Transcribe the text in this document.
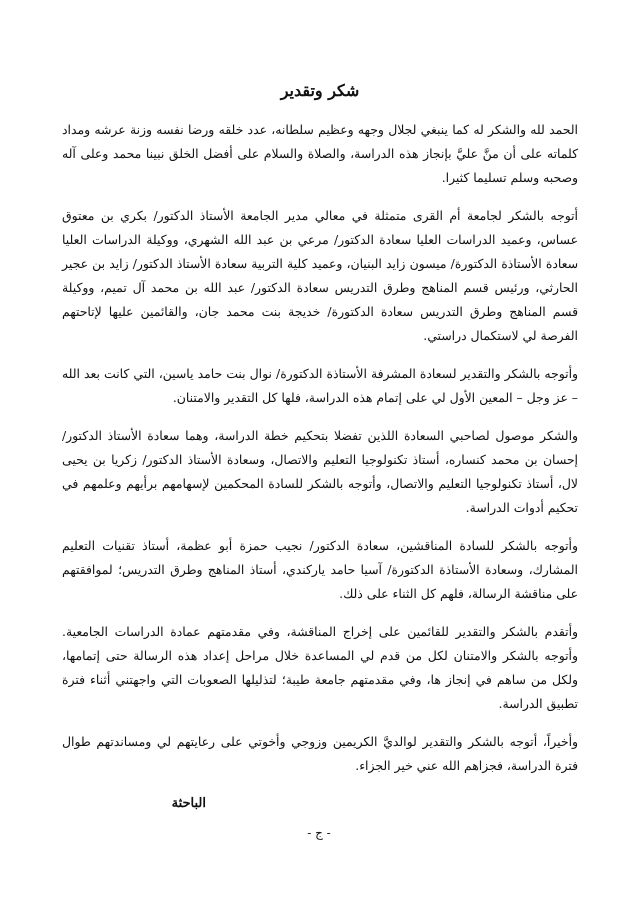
شكر وتقدير
الحمد لله والشكر له كما ينبغي لجلال وجهه وعظيم سلطانه، عدد خلقه ورضا نفسه وزنة عرشه ومداد كلماته على أن منَّ عليَّ بإنجاز هذه الدراسة، والصلاة والسلام على أفضل الخلق نبينا محمد وعلى آله وصحبه وسلم تسليما كثيرا.
أتوجه بالشكر لجامعة أم القرى متمثلة في معالي مدير الجامعة الأستاذ الدكتور/ بكري بن معتوق عساس، وعميد الدراسات العليا سعادة الدكتور/ مرعي بن عبد الله الشهري، ووكيلة الدراسات العليا سعادة الأستاذة الدكتورة/ ميسون زايد البنيان، وعميد كلية التربية سعادة الأستاذ الدكتور/ زايد بن عجير الحارثي، ورئيس قسم المناهج وطرق التدريس سعادة الدكتور/ عبد الله بن محمد آل تميم، ووكيلة قسم المناهج وطرق التدريس سعادة الدكتورة/ خديجة بنت محمد جان، والقائمين عليها لإتاحتهم الفرصة لي لاستكمال دراستي.
وأتوجه بالشكر والتقدير لسعادة المشرفة الأستاذة الدكتورة/ نوال بنت حامد ياسين، التي كانت بعد الله – عز وجل – المعين الأول لي على إتمام هذه الدراسة، فلها كل التقدير والامتنان.
والشكر موصول لصاحبي السعادة اللذين تفضلا بتحكيم خطة الدراسة، وهما سعادة الأستاذ الدكتور/ إحسان بن محمد كنساره، أستاذ تكنولوجيا التعليم والاتصال، وسعادة الأستاذ الدكتور/ زكريا بن يحيى لال، أستاذ تكنولوجيا التعليم والاتصال، وأتوجه بالشكر للسادة المحكمين لإسهامهم برأيهم وعلمهم في تحكيم أدوات الدراسة.
وأتوجه بالشكر للسادة المناقشين، سعادة الدكتور/ نجيب حمزة أبو عظمة، أستاذ تقنيات التعليم المشارك، وسعادة الأستاذة الدكتورة/ آسيا حامد ياركندي، أستاذ المناهج وطرق التدريس؛ لموافقتهم على مناقشة الرسالة، فلهم كل الثناء على ذلك.
وأتقدم بالشكر والتقدير للقائمين على إخراج المناقشة، وفي مقدمتهم عمادة الدراسات الجامعية. وأتوجه بالشكر والامتنان لكل من قدم لي المساعدة خلال مراحل إعداد هذه الرسالة حتى إتمامها، ولكل من ساهم في إنجاز ها، وفي مقدمتهم جامعة طيبة؛ لتذليلها الصعوبات التي واجهتني أثناء فترة تطبيق الدراسة.
وأخيراً، أتوجه بالشكر والتقدير لوالديَّ الكريمين وزوجي وأخوتي على رعايتهم لي ومساندتهم طوال فترة الدراسة، فجزاهم الله عني خير الجزاء.
الباحثة
- ج -
